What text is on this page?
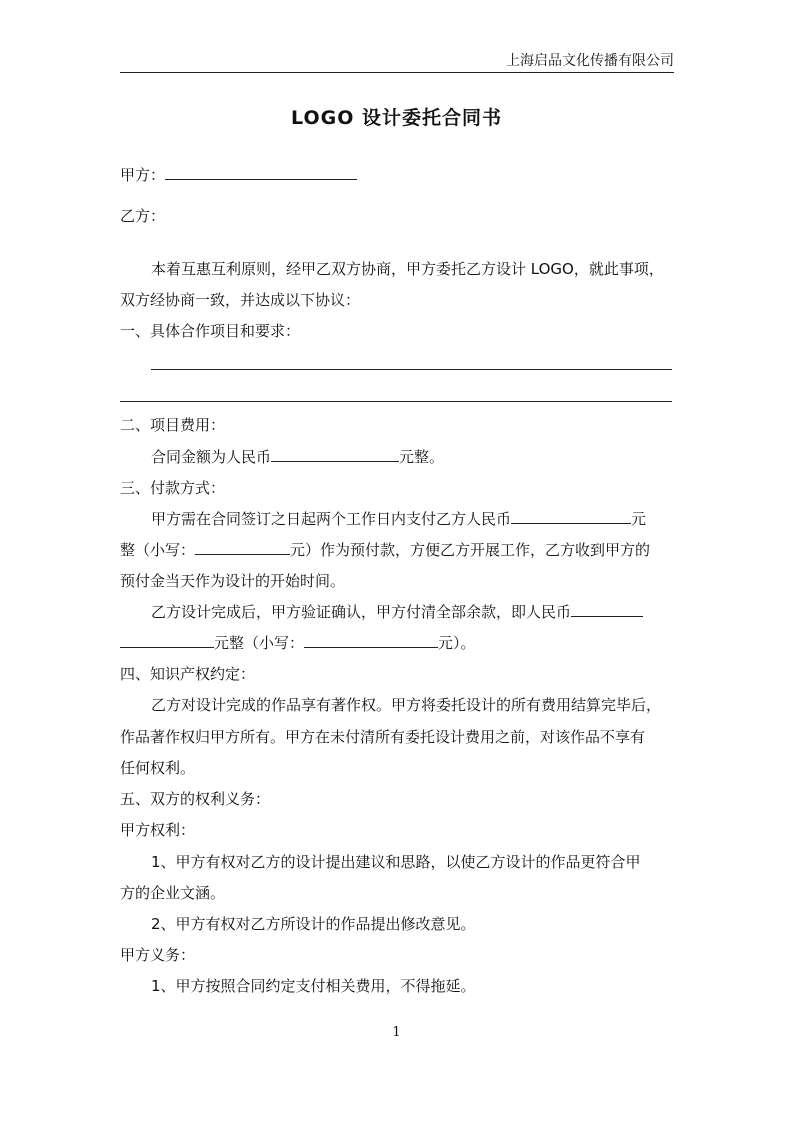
上海启品文化传播有限公司
LOGO 设计委托合同书
甲方：
乙方：
本着互惠互利原则，经甲乙双方协商，甲方委托乙方设计 LOGO，就此事项，
双方经协商一致，并达成以下协议：
一、具体合作项目和要求：
二、项目费用：
合同金额为人民币	元整。
三、付款方式：
甲方需在合同签订之日起两个工作日内支付乙方人民币	元
整（小写：	元）作为预付款，方便乙方开展工作，乙方收到甲方的
预付金当天作为设计的开始时间。
乙方设计完成后，甲方验证确认，甲方付清全部余款，即人民币
元整（小写：	元）。
四、知识产权约定：
乙方对设计完成的作品享有著作权。甲方将委托设计的所有费用结算完毕后，
作品著作权归甲方所有。甲方在未付清所有委托设计费用之前，对该作品不享有
任何权利。
五、双方的权利义务：
甲方权利：
1、甲方有权对乙方的设计提出建议和思路，以使乙方设计的作品更符合甲
方的企业文涵。
2、甲方有权对乙方所设计的作品提出修改意见。
甲方义务：
1、甲方按照合同约定支付相关费用，不得拖延。
1
